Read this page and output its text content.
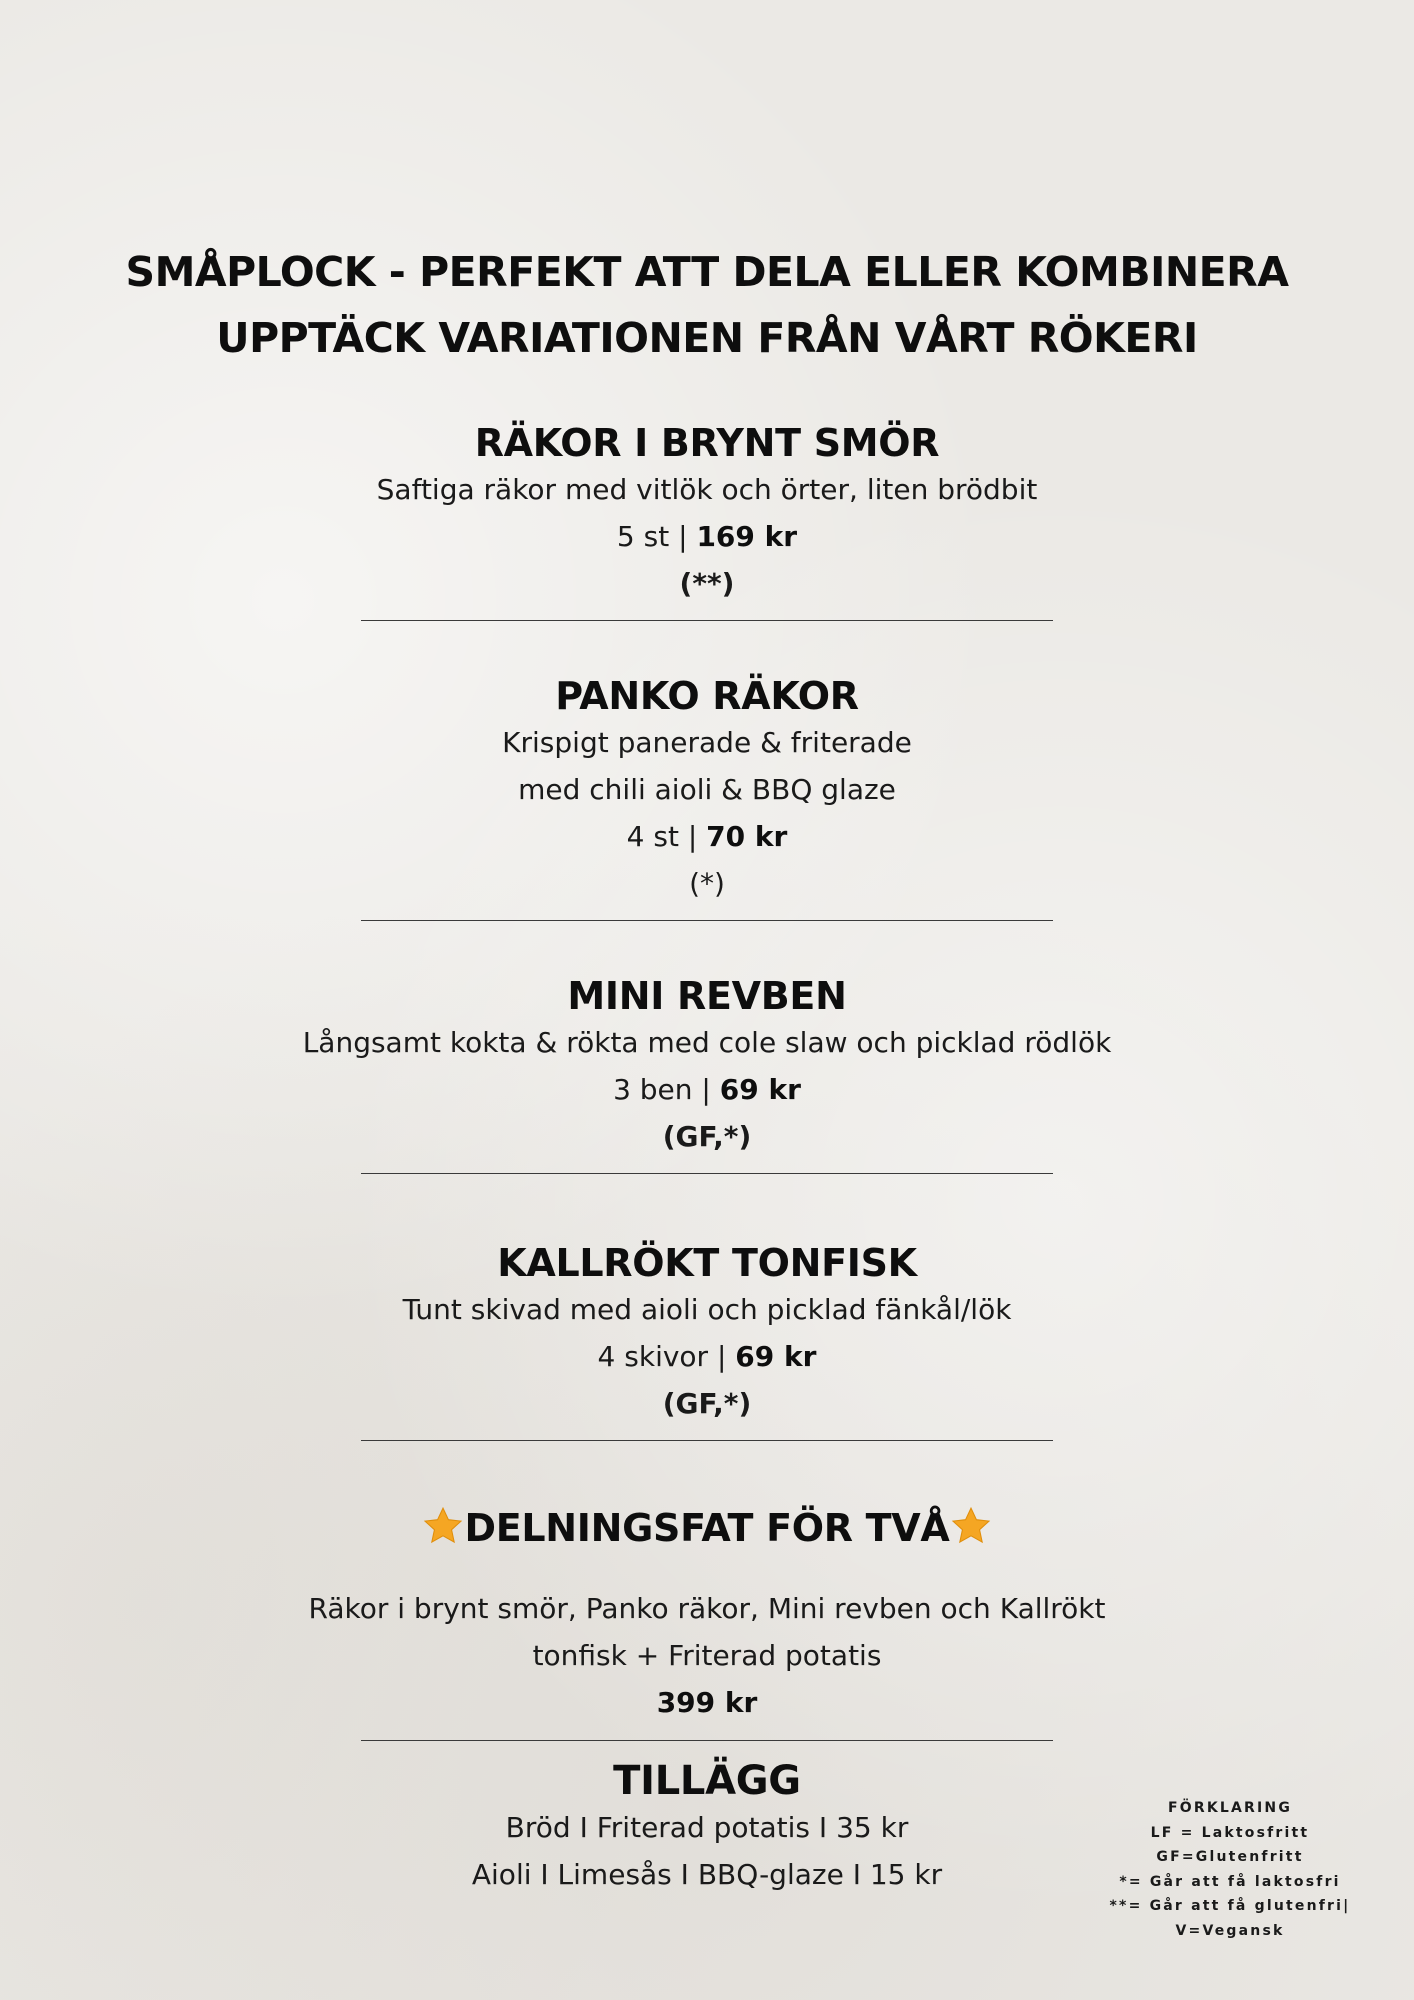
SMÅPLOCK - PERFEKT ATT DELA ELLER KOMBINERA
UPPTÄCK VARIATIONEN FRÅN VÅRT RÖKERI
RÄKOR I BRYNT SMÖR
Saftiga räkor med vitlök och örter, liten brödbit
5 st | 169 kr
(**)
PANKO RÄKOR
Krispigt panerade & friterade
med chili aioli & BBQ glaze
4 st | 70 kr
(*)
MINI REVBEN
Långsamt kokta & rökta med cole slaw och picklad rödlök
3 ben | 69 kr
(GF,*)
KALLRÖKT TONFISK
Tunt skivad med aioli och picklad fänkål/lök
4 skivor | 69 kr
(GF,*)
DELNINGSFAT FÖR TVÅ
Räkor i brynt smör, Panko räkor, Mini revben och Kallrökt
tonfisk + Friterad potatis
399 kr
TILLÄGG
Bröd I Friterad potatis I 35 kr
Aioli I Limesås I BBQ-glaze I 15 kr
FÖRKLARING
LF = Laktosfritt
GF=Glutenfritt
*= Går att få laktosfri
**= Går att få glutenfri|
V=Vegansk
